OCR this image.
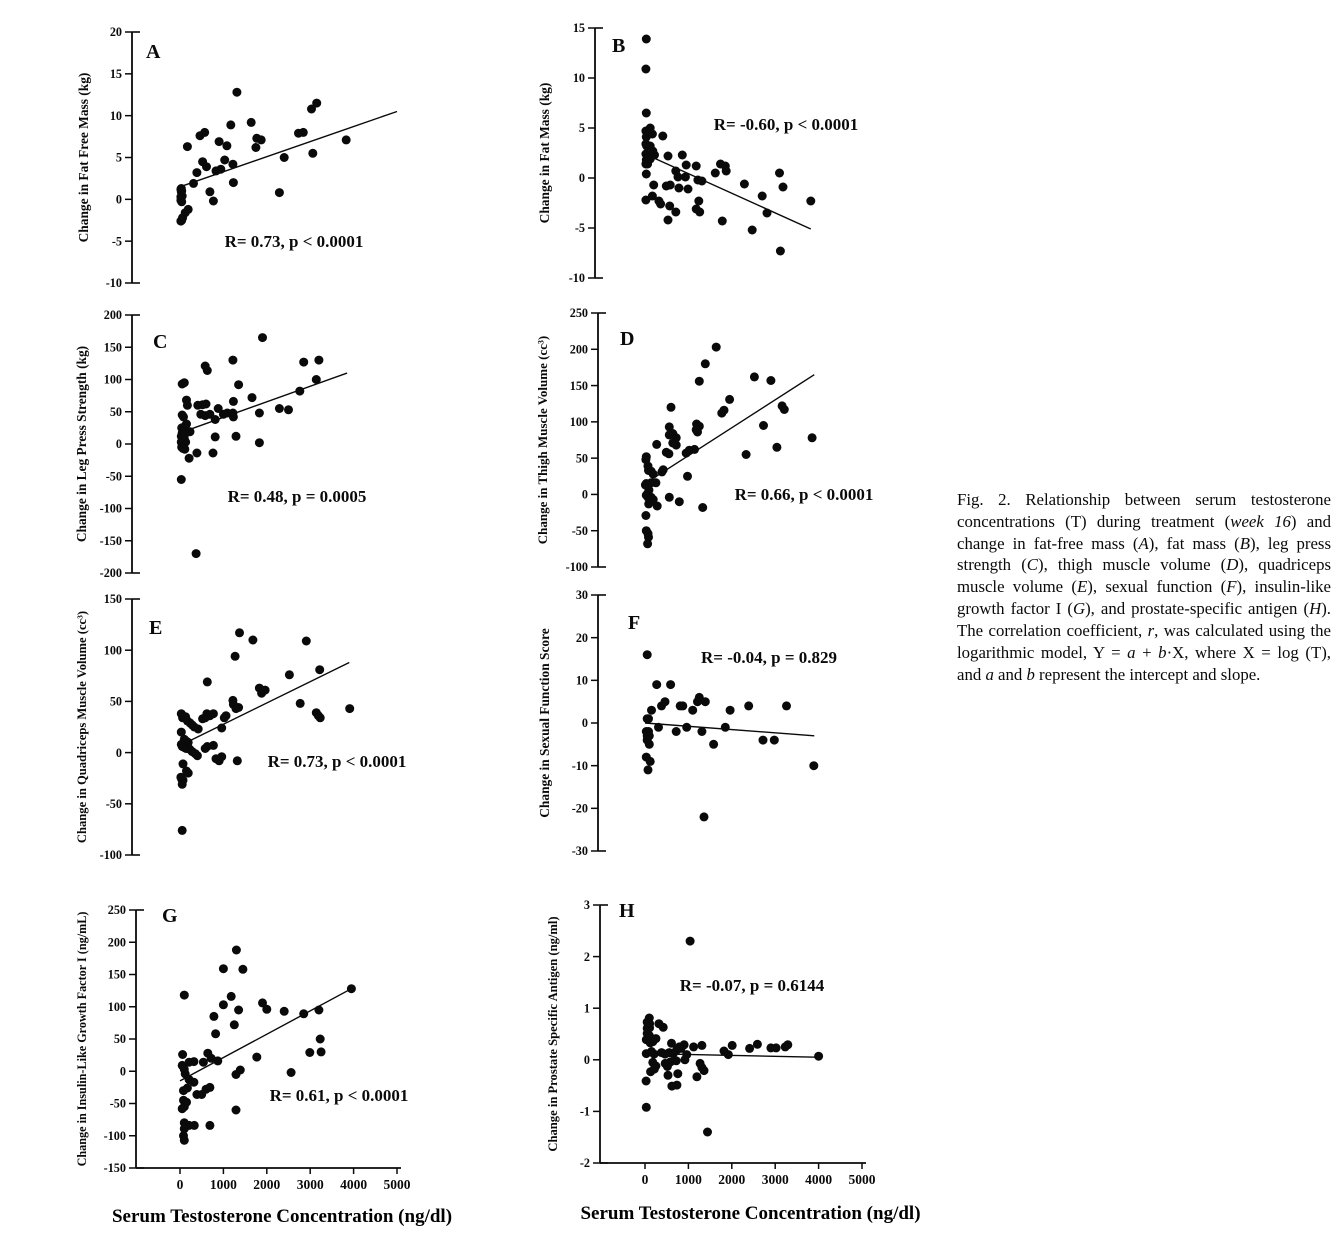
20
15
10
5
0
-5
-10
Change in Fat Free Mass (kg)
A
R= 0.73, p < 0.0001
15
10
5
0
-5
-10
Change in Fat Mass (kg)
B
R= -0.60, p < 0.0001
200
150
100
50
0
-50
-100
-150
-200
Change in Leg Press Strength (kg)
C
R= 0.48, p = 0.0005
250
200
150
100
50
0
-50
-100
Change in Thigh Muscle Volume (cc³)	D
R= 0.66, p < 0.0001
150
100
50
0
-50
-100
Change in Quadriceps Muscle Volume (cc³)	E
R= 0.73, p < 0.0001
30
20
10
0
-10
-20
-30
Change in Sexual Function Score
F
R= -0.04, p = 0.829
250
200
150
100
50
0
-50
-100
-150
Change in Insulin-Like Growth Factor I (ng/mL)	G
R= 0.61, p < 0.0001
0 1000 2000 3000 4000 5000
3
2
1
0
-1
-2
Change in Prostate Specific Antigen (ng/ml)
H
R= -0.07, p = 0.6144
0 1000 2000 3000 4000 5000
Fig. 2. Relationship between serum testosterone concentrations (T) during treatment (week 16) and change in fat-free mass (A), fat mass (B), leg press strength (C), thigh muscle volume (D), quadriceps muscle volume (E), sexual function (F), insulin-like growth factor I (G), and prostate-specific antigen (H). The correlation coefficient, r, was calculated using the logarithmic model, Y = a + b·X, where X = log (T), and a and b represent the intercept and slope.
Serum Testosterone Concentration (ng/dl)	Serum Testosterone Concentration (ng/dl)
